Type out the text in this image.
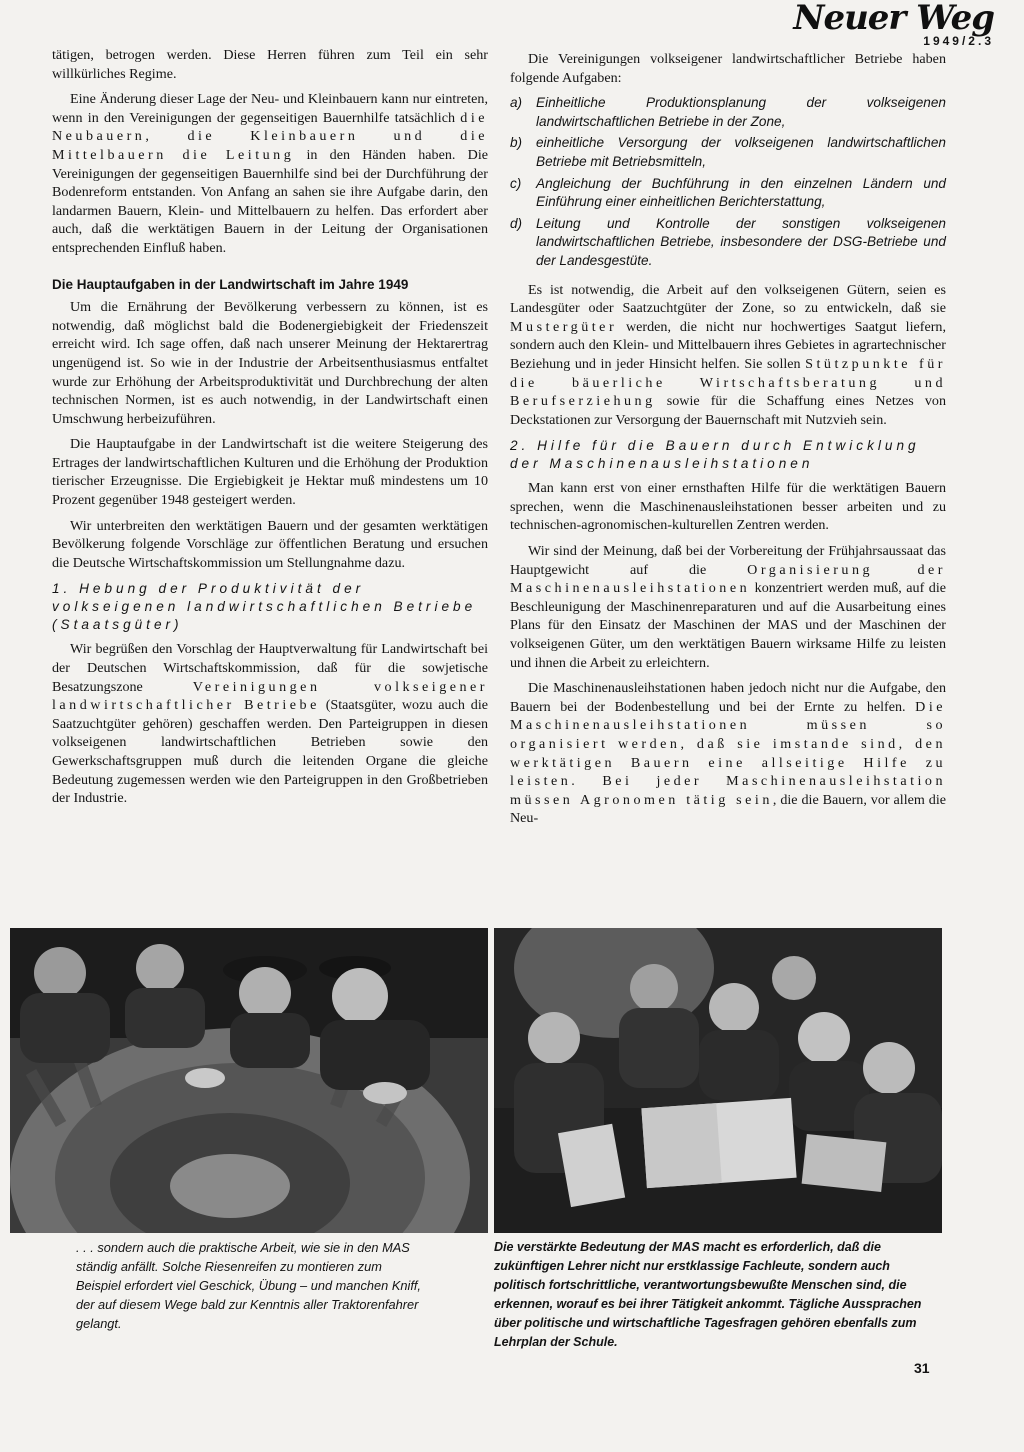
Neuer Weg
1949/2.3

tätigen, betrogen werden. Diese Herren führen zum Teil ein sehr willkürliches Regime.

Eine Änderung dieser Lage der Neu- und Kleinbauern kann nur eintreten, wenn in den Vereinigungen der gegenseitigen Bauernhilfe tatsächlich die Neubauern, die Kleinbauern und die Mittelbauern die Leitung in den Händen haben. Die Vereinigungen der gegenseitigen Bauernhilfe sind bei der Durchführung der Bodenreform entstanden. Von Anfang an sahen sie ihre Aufgabe darin, den landarmen Bauern, Klein- und Mittelbauern zu helfen. Das erfordert aber auch, daß die werktätigen Bauern in der Leitung der Organisationen entsprechenden Einfluß haben.

Die Hauptaufgaben in der Landwirtschaft im Jahre 1949

Um die Ernährung der Bevölkerung verbessern zu können, ist es notwendig, daß möglichst bald die Bodenergiebigkeit der Friedenszeit erreicht wird. Ich sage offen, daß nach unserer Meinung der Hektarertrag ungenügend ist. So wie in der Industrie der Arbeitsenthusiasmus entfaltet wurde zur Erhöhung der Arbeitsproduktivität und Durchbrechung der alten technischen Normen, ist es auch notwendig, in der Landwirtschaft einen Umschwung herbeizuführen.

Die Hauptaufgabe in der Landwirtschaft ist die weitere Steigerung des Ertrages der landwirtschaftlichen Kulturen und die Erhöhung der Produktion tierischer Erzeugnisse. Die Ergiebigkeit je Hektar muß mindestens um 10 Prozent gegenüber 1948 gesteigert werden.

Wir unterbreiten den werktätigen Bauern und der gesamten werktätigen Bevölkerung folgende Vorschläge zur öffentlichen Beratung und ersuchen die Deutsche Wirtschaftskommission um Stellungnahme dazu.

1. Hebung der Produktivität der volkseigenen landwirtschaftlichen Betriebe (Staatsgüter)

Wir begrüßen den Vorschlag der Hauptverwaltung für Landwirtschaft bei der Deutschen Wirtschaftskommission, daß für die sowjetische Besatzungszone Vereinigungen volkseigener landwirtschaftlicher Betriebe (Staatsgüter, wozu auch die Saatzuchtgüter gehören) geschaffen werden. Den Parteigruppen in diesen volkseigenen landwirtschaftlichen Betrieben sowie den Gewerkschaftsgruppen muß durch die leitenden Organe die gleiche Bedeutung zugemessen werden wie den Parteigruppen in den Großbetrieben der Industrie.

Die Vereinigungen volkseigener landwirtschaftlicher Betriebe haben folgende Aufgaben:

a) Einheitliche Produktionsplanung der volkseigenen landwirtschaftlichen Betriebe in der Zone,
b) einheitliche Versorgung der volkseigenen landwirtschaftlichen Betriebe mit Betriebsmitteln,
c) Angleichung der Buchführung in den einzelnen Ländern und Einführung einer einheitlichen Berichterstattung,
d) Leitung und Kontrolle der sonstigen volkseigenen landwirtschaftlichen Betriebe, insbesondere der DSG-Betriebe und der Landesgestüte.

Es ist notwendig, die Arbeit auf den volkseigenen Gütern, seien es Landesgüter oder Saatzuchtgüter der Zone, so zu entwickeln, daß sie Mustergüter werden, die nicht nur hochwertiges Saatgut liefern, sondern auch den Klein- und Mittelbauern ihres Gebietes in agrartechnischer Beziehung und in jeder Hinsicht helfen. Sie sollen Stützpunkte für die bäuerliche Wirtschaftsberatung und Berufserziehung sowie für die Schaffung eines Netzes von Deckstationen zur Versorgung der Bauernschaft mit Nutzvieh sein.

2. Hilfe für die Bauern durch Entwicklung der Maschinenausleihstationen

Man kann erst von einer ernsthaften Hilfe für die werktätigen Bauern sprechen, wenn die Maschinenausleihstationen besser arbeiten und zu technischen-agronomischen-kulturellen Zentren werden.

Wir sind der Meinung, daß bei der Vorbereitung der Frühjahrsaussaat das Hauptgewicht auf die Organisierung der Maschinenausleihstationen konzentriert werden muß, auf die Beschleunigung der Maschinenreparaturen und auf die Ausarbeitung eines Plans für den Einsatz der Maschinen der MAS und der Maschinen der volkseigenen Güter, um den werktätigen Bauern wirksame Hilfe zu leisten und ihnen die Arbeit zu erleichtern.

Die Maschinenausleihstationen haben jedoch nicht nur die Aufgabe, den Bauern bei der Bodenbestellung und bei der Ernte zu helfen. Die Maschinenausleihstationen müssen so organisiert werden, daß sie imstande sind, den werktätigen Bauern eine allseitige Hilfe zu leisten. Bei jeder Maschinenausleihstation müssen Agronomen tätig sein, die die Bauern, vor allem die Neu-

. . . sondern auch die praktische Arbeit, wie sie in den MAS ständig anfällt. Solche Riesenreifen zu montieren zum Beispiel erfordert viel Geschick, Übung – und manchen Kniff, der auf diesem Wege bald zur Kenntnis aller Traktorenfahrer gelangt.
Die verstärkte Bedeutung der MAS macht es erforderlich, daß die zukünftigen Lehrer nicht nur erstklassige Fachleute, sondern auch politisch fortschrittliche, verantwortungsbewußte Menschen sind, die erkennen, worauf es bei ihrer Tätigkeit ankommt. Tägliche Aussprachen über politische und wirtschaftliche Tagesfragen gehören ebenfalls zum Lehrplan der Schule.
31
